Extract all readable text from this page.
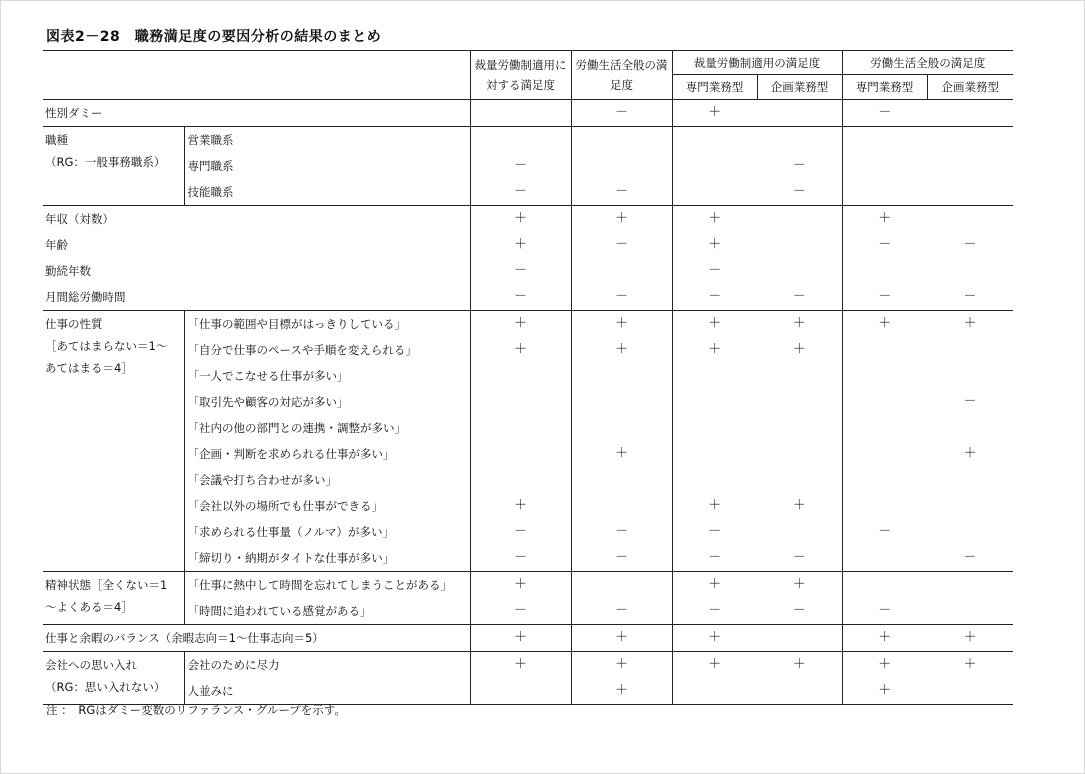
図表2－28　職務満足度の要因分析の結果のまとめ
		裁量労働制適用に対する満足度	労働生活全般の満足度	裁量労働制適用の満足度		労働生活全般の満足度	
				専門業務型	企画業務型	専門業務型	企画業務型

性別ダミー			－	＋		－	

職種
（RG：一般事務職系）	営業職系						
	専門職系	－			－		
	技能職系	－	－		－		
年収（対数）		＋	＋	＋		＋	
年齢		＋	－	＋		－	－
勤続年数		－		－			
月間総労働時間		－	－	－	－	－	－

仕事の性質
［あてはまらない＝1～
あてはまる＝4］	「仕事の範囲や目標がはっきりしている」	＋	＋	＋	＋	＋	＋
	「自分で仕事のペースや手順を変えられる」	＋	＋	＋	＋		
	「一人でこなせる仕事が多い」						
	「取引先や顧客の対応が多い」						－
	「社内の他の部門との連携・調整が多い」						
	「企画・判断を求められる仕事が多い」		＋				＋
	「会議や打ち合わせが多い」						
	「会社以外の場所でも仕事ができる」	＋		＋	＋		
	「求められる仕事量（ノルマ）が多い」	－	－	－		－	
	「締切り・納期がタイトな仕事が多い」	－	－	－	－		－

精神状態［全くない＝1
～よくある＝4］	「仕事に熱中して時間を忘れてしまうことがある」	＋		＋	＋		
	「時間に追われている感覚がある」	－	－	－	－	－	
仕事と余暇のバランス（余暇志向＝1～仕事志向＝5）		＋	＋	＋		＋	＋

会社への思い入れ
（RG：思い入れない）	会社のために尽力	＋	＋	＋	＋	＋	＋
	人並みに		＋			＋	
注 ：　RGはダミー変数のリファランス・グループを示す。
